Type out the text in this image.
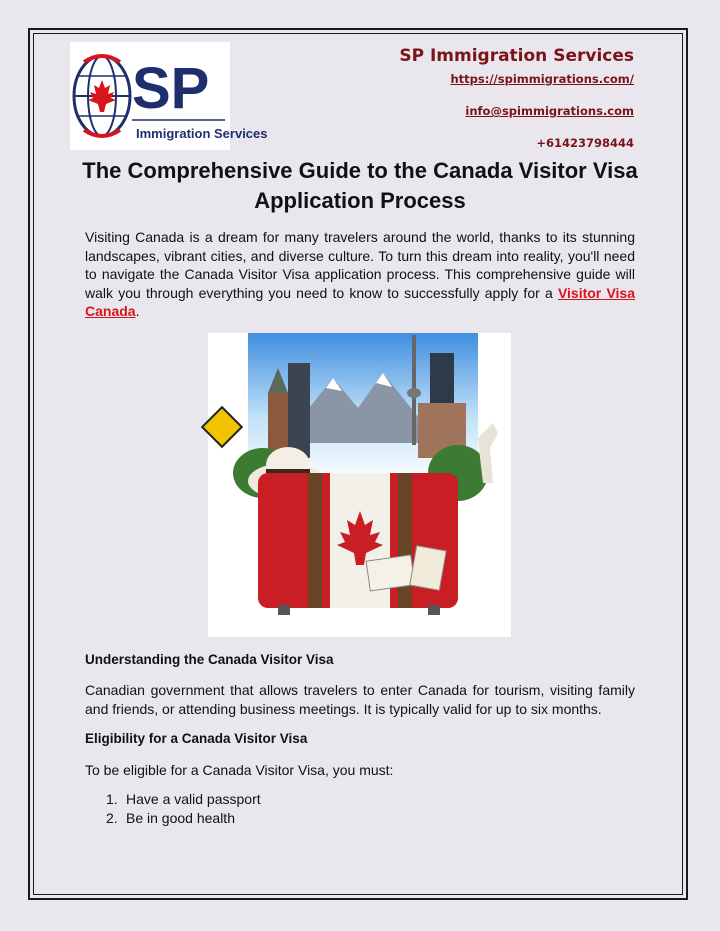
SP
Immigration Services
SP Immigration Services
https://spimmigrations.com/
info@spimmigrations.com
+61423798444
The Comprehensive Guide to the Canada Visitor Visa Application Process
Visiting Canada is a dream for many travelers around the world, thanks to its stunning landscapes, vibrant cities, and diverse culture. To turn this dream into reality, you'll need to navigate the Canada Visitor Visa application process. This comprehensive guide will walk you through everything you need to know to successfully apply for a Visitor Visa Canada.
Understanding the Canada Visitor Visa
Canadian government that allows travelers to enter Canada for tourism, visiting family and friends, or attending business meetings. It is typically valid for up to six months.
Eligibility for a Canada Visitor Visa
To be eligible for a Canada Visitor Visa, you must:
1. Have a valid passport
2. Be in good health
